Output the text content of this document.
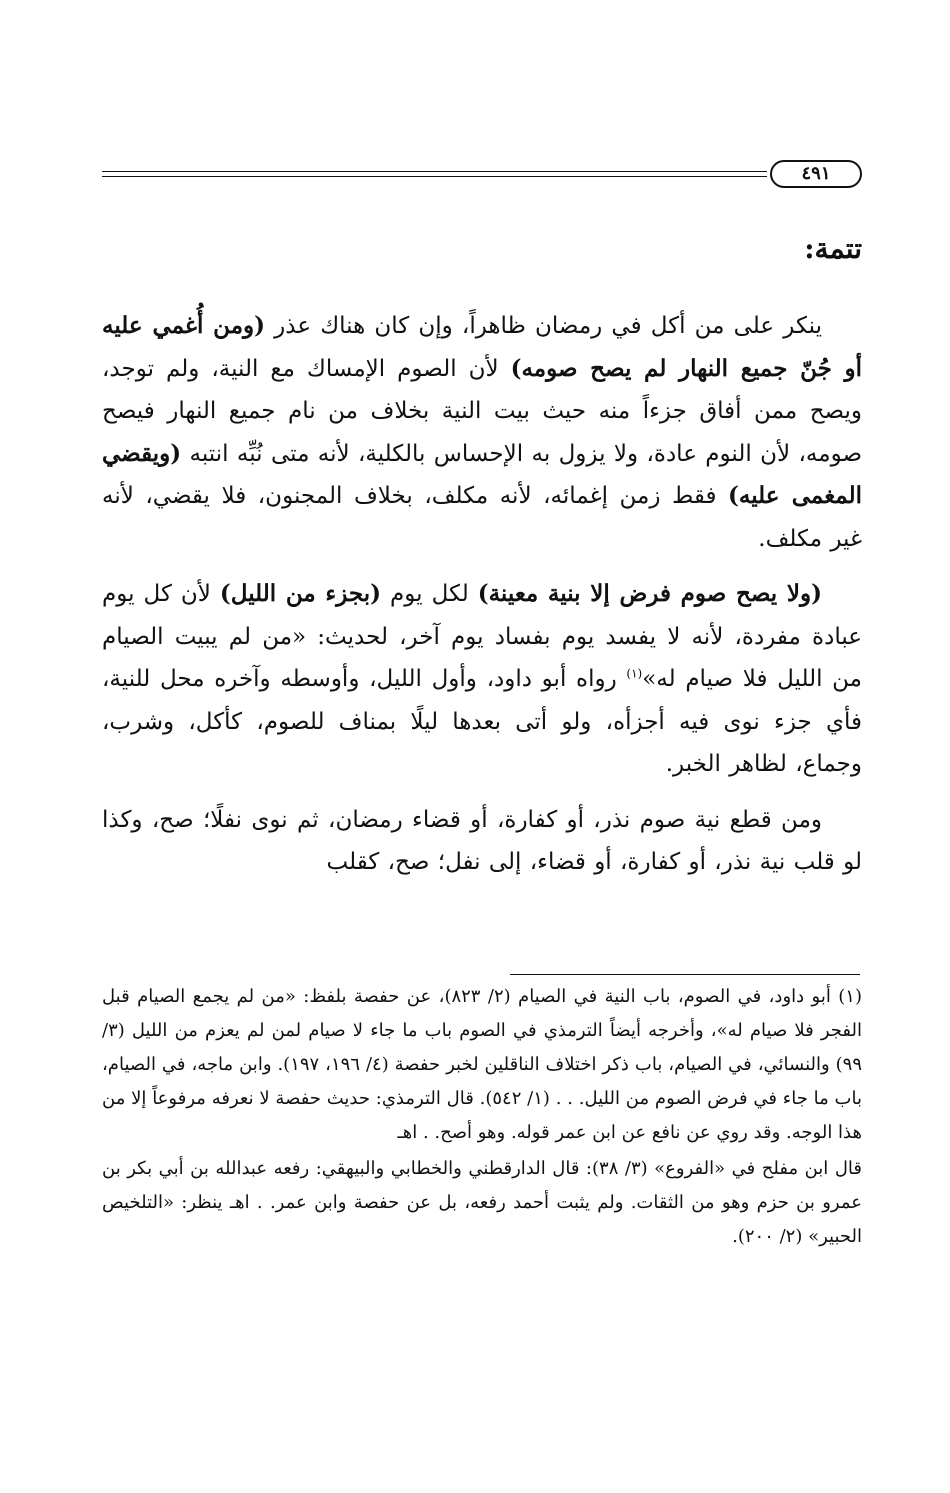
٤٩١
تتمة:

ينكر على من أكل في رمضان ظاهراً، وإن كان هناك عذر (ومن أُغمي عليه أو جُنّ جميع النهار لم يصح صومه) لأن الصوم الإمساك مع النية، ولم توجد، ويصح ممن أفاق جزءاً منه حيث بيت النية بخلاف من نام جميع النهار فيصح صومه، لأن النوم عادة، ولا يزول به الإحساس بالكلية، لأنه متى نُبِّه انتبه (ويقضي المغمى عليه) فقط زمن إغمائه، لأنه مكلف، بخلاف المجنون، فلا يقضي، لأنه غير مكلف.

(ولا يصح صوم فرض إلا بنية معينة) لكل يوم (بجزء من الليل) لأن كل يوم عبادة مفردة، لأنه لا يفسد يوم بفساد يوم آخر، لحديث: «من لم يبيت الصيام من الليل فلا صيام له»$^{(١)}$ رواه أبو داود، وأول الليل، وأوسطه وآخره محل للنية، فأي جزء نوى فيه أجزأه، ولو أتى بعدها ليلًا بمناف للصوم، كأكل، وشرب، وجماع، لظاهر الخبر.

ومن قطع نية صوم نذر، أو كفارة، أو قضاء رمضان، ثم نوى نفلًا؛ صح، وكذا لو قلب نية نذر، أو كفارة، أو قضاء، إلى نفل؛ صح، كقلب

(١) أبو داود، في الصوم، باب النية في الصيام (٢/ ٨٢٣)، عن حفصة بلفظ: «من لم يجمع الصيام قبل الفجر فلا صيام له»، وأخرجه أيضاً الترمذي في الصوم باب ما جاء لا صيام لمن لم يعزم من الليل (٣/ ٩٩) والنسائي، في الصيام، باب ذكر اختلاف الناقلين لخبر حفصة (٤/ ١٩٦، ١٩٧). وابن ماجه، في الصيام، باب ما جاء في فرض الصوم من الليل. . . (١/ ٥٤٢). قال الترمذي: حديث حفصة لا نعرفه مرفوعاً إلا من هذا الوجه. وقد روي عن نافع عن ابن عمر قوله. وهو أصح. . اهـ

قال ابن مفلح في «الفروع» (٣/ ٣٨): قال الدارقطني والخطابي والبيهقي: رفعه عبدالله بن أبي بكر بن عمرو بن حزم وهو من الثقات. ولم يثبت أحمد رفعه، بل عن حفصة وابن عمر. . اهـ ينظر: «التلخيص الحبير» (٢/ ٢٠٠).
